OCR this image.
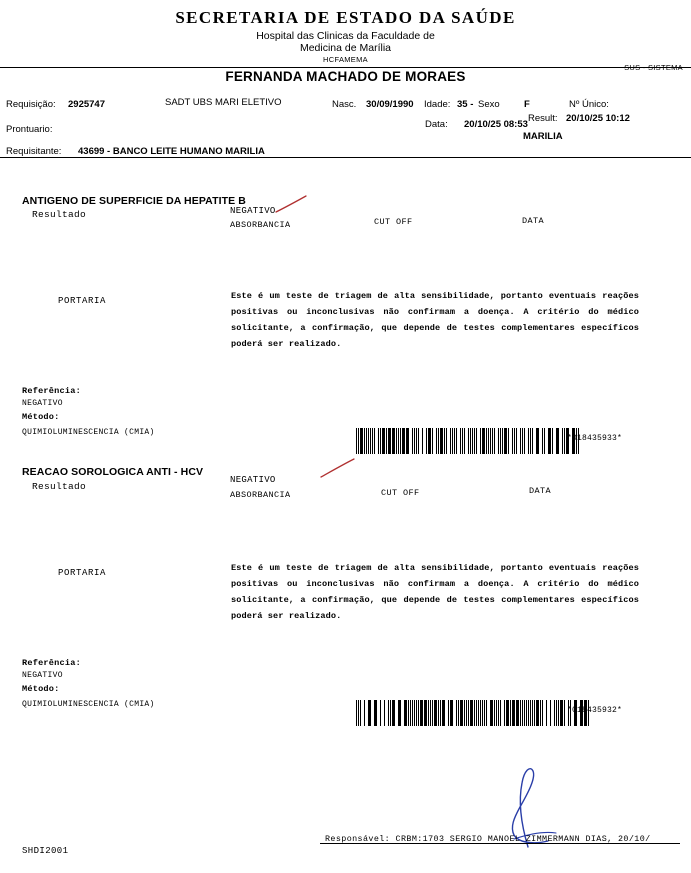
SECRETARIA DE ESTADO DA SAÚDE
Hospital das Clinicas da Faculdade de
Medicina de Marília
HCFAMEMA
SUS - SISTEMA
FERNANDA MACHADO DE MORAES
Requisição: 2925747	SADT UBS MARI ELETIVO	Nasc. 30/09/1990 Idade: 35 - Sexo	F	Nº Único:
Prontuario:	Data: 20/10/25 08:53
Result: 20/10/25 10:12
MARILIA
Requisitante: 43699 - BANCO LEITE HUMANO MARILIA
ANTIGENO DE SUPERFICIE DA HEPATITE B
Resultado	NEGATIVO
ABSORBANCIA	CUT OFF	DATA
PORTARIA	Este é um teste de triagem de alta sensibilidade, portanto eventuais reações positivas ou inconclusivas não confirmam a doença. A critério do médico solicitante, a confirmação, que depende de testes complementares específicos poderá ser realizado.
Referência:
NEGATIVO
Método:
QUIMIOLUMINESCENCIA (CMIA)
*018435933*
REACAO SOROLOGICA ANTI - HCV
Resultado
NEGATIVO
ABSORBANCIA	CUT OFF	DATA
PORTARIA	Este é um teste de triagem de alta sensibilidade, portanto eventuais reações positivas ou inconclusivas não confirmam a doença. A critério do médico solicitante, a confirmação, que depende de testes complementares específicos poderá ser realizado.
Referência:
NEGATIVO
Método:
QUIMIOLUMINESCENCIA (CMIA)
*018435932*
Responsável: CRBM:1703 SERGIO MANOEL ZIMMERMANN DIAS, 20/10/
SHDI2001
